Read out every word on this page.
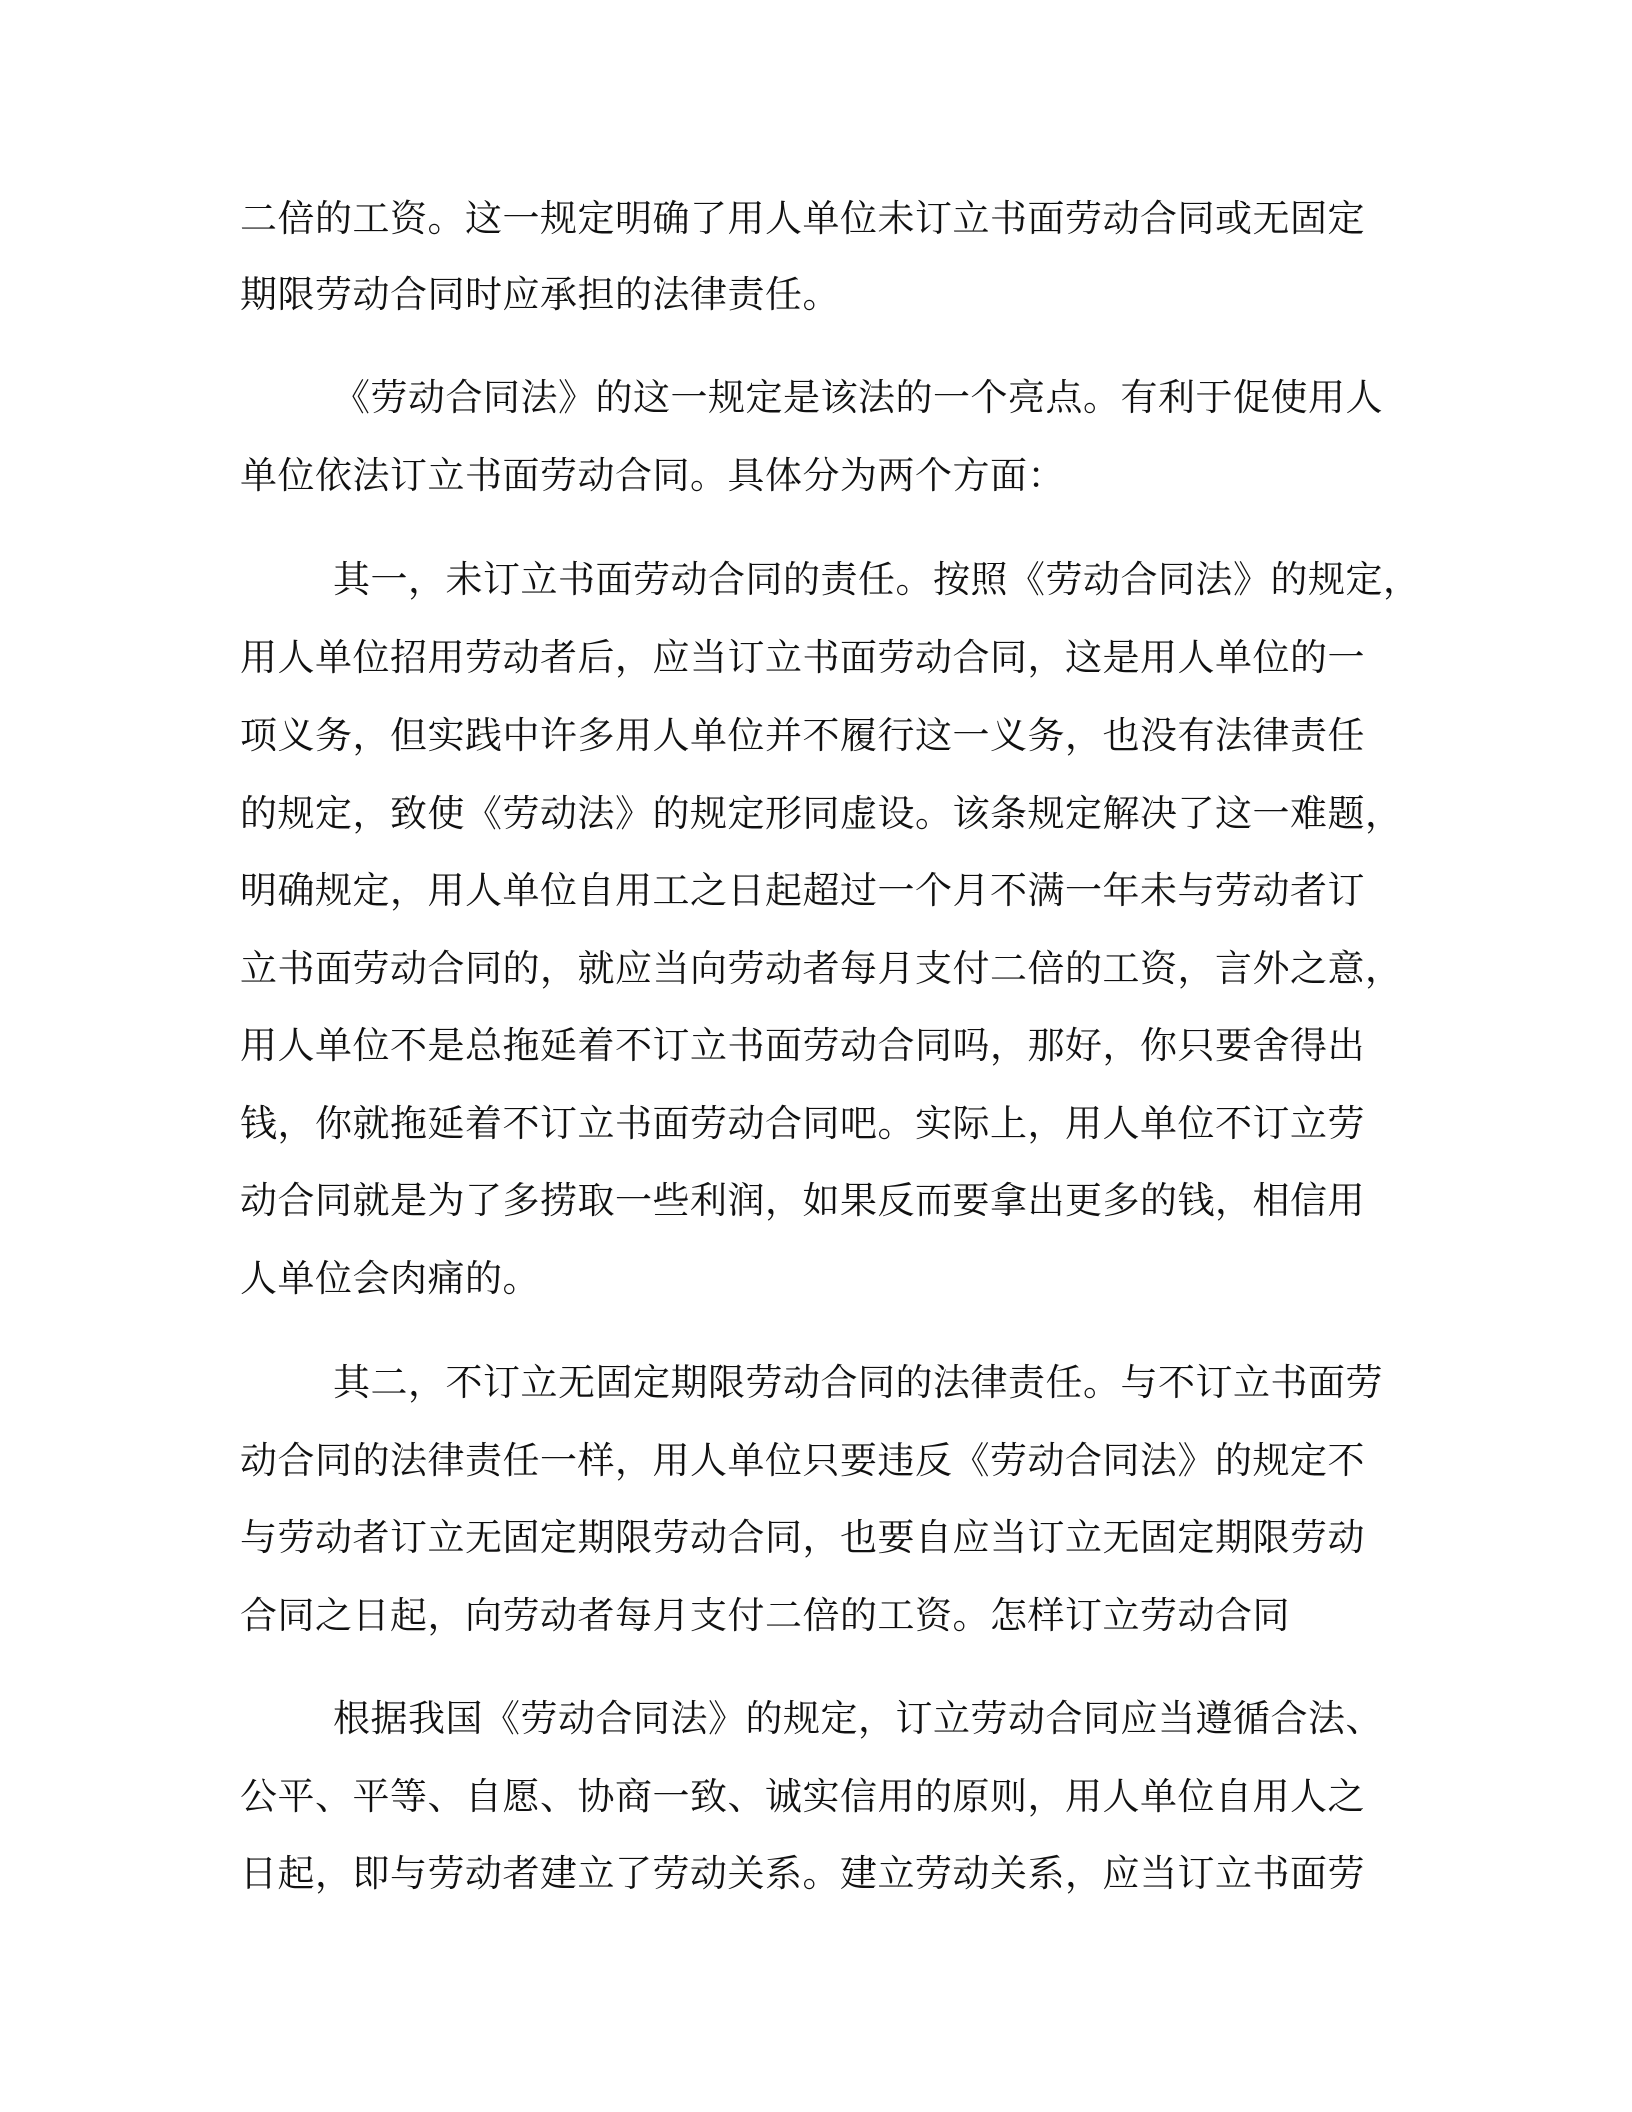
二倍的工资。这一规定明确了用人单位未订立书面劳动合同或无固定
期限劳动合同时应承担的法律责任。
《劳动合同法》的这一规定是该法的一个亮点。有利于促使用人
单位依法订立书面劳动合同。具体分为两个方面：
其一，未订立书面劳动合同的责任。按照《劳动合同法》的规定，
用人单位招用劳动者后，应当订立书面劳动合同，这是用人单位的一
项义务，但实践中许多用人单位并不履行这一义务，也没有法律责任
的规定，致使《劳动法》的规定形同虚设。该条规定解决了这一难题，
明确规定，用人单位自用工之日起超过一个月不满一年未与劳动者订
立书面劳动合同的，就应当向劳动者每月支付二倍的工资，言外之意，
用人单位不是总拖延着不订立书面劳动合同吗，那好，你只要舍得出
钱，你就拖延着不订立书面劳动合同吧。实际上，用人单位不订立劳
动合同就是为了多捞取一些利润，如果反而要拿出更多的钱，相信用
人单位会肉痛的。
其二，不订立无固定期限劳动合同的法律责任。与不订立书面劳
动合同的法律责任一样，用人单位只要违反《劳动合同法》的规定不
与劳动者订立无固定期限劳动合同，也要自应当订立无固定期限劳动
合同之日起，向劳动者每月支付二倍的工资。怎样订立劳动合同
根据我国《劳动合同法》的规定，订立劳动合同应当遵循合法、
公平、平等、自愿、协商一致、诚实信用的原则，用人单位自用人之
日起，即与劳动者建立了劳动关系。建立劳动关系，应当订立书面劳
